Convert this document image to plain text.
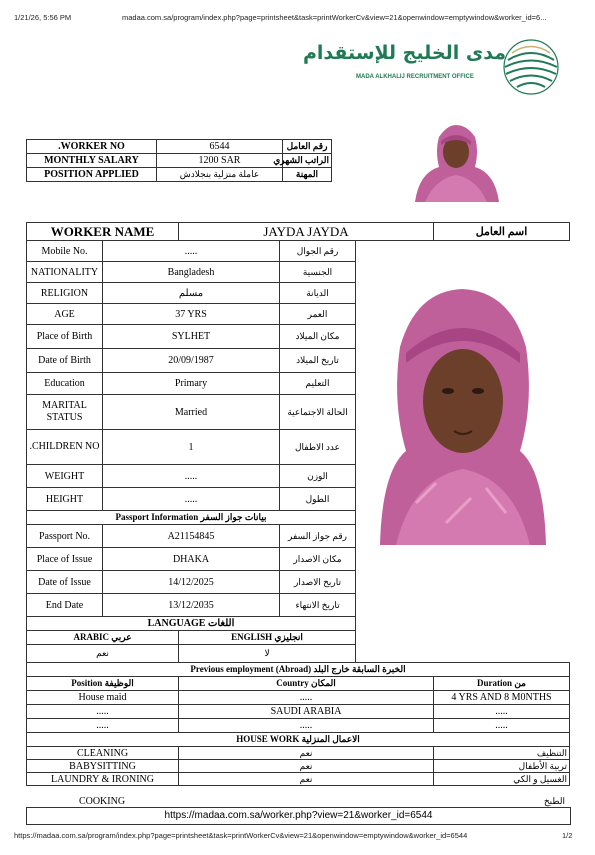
1/21/26, 5:56 PM	madaa.com.sa/program/index.php?page=printsheet&task=printWorkerCv&view=21&openwindow=emptywindow&worker_id=6...
مدى الخليج للإستقدام
MADA ALKHALIJ RECRUITMENT OFFICE
.WORKER NO	6544	رقم العامل
MONTHLY SALARY	1200 SAR	الراتب الشهري
POSITION APPLIED	عاملة منزلية بنجلادش	المهنة
WORKER NAME		JAYDA JAYDA			اسم العامل
Mobile No.	.....		رقم الجوال	

NATIONALITY	Bangladesh		الجنسية		
RELIGION	مسلم		الديانة		
AGE	37 YRS		العمر		
Place of Birth	SYLHET		مكان الميلاد		
Date of Birth	20/09/1987		تاريخ الميلاد		
Education	Primary		التعليم		
MARITAL STATUS	Married		الحالة الاجتماعية		
.CHILDREN NO	1		عدد الاطفال		
WEIGHT	.....		الوزن		
HEIGHT	.....		الطول		
Passport Information بيانات جواز السفر					
Passport No.	A21154845		رقم جواز السفر		
Place of Issue	DHAKA		مكان الاصدار		
Date of Issue	14/12/2025		تاريخ الاصدار		
End Date	13/12/2035		تاريخ الانتهاء		
LANGUAGE اللغات					
ARABIC عربي		ENGLISH انجليزي			
نعم		لا			
Previous employment (Abroad) الخبرة السابقة خارج البلد					
Position الوظيفة		Country المكان			Duration من
House maid		.....			4 YRS AND 8 M0NTHS
.....		SAUDI ARABIA			.....
.....		.....			.....
HOUSE WORK الاعمال المنزلية					
CLEANING		نعم			التنظيف
BABYSITTING		نعم			تربية الأطفال
LAUNDRY & IRONING		نعم			الغسيل و الكي
COOKING	الطبخ
https://madaa.com.sa/worker.php?view=21&worker_id=6544
https://madaa.com.sa/program/index.php?page=printsheet&task=printWorkerCv&view=21&openwindow=emptywindow&worker_id=6544	1/2
